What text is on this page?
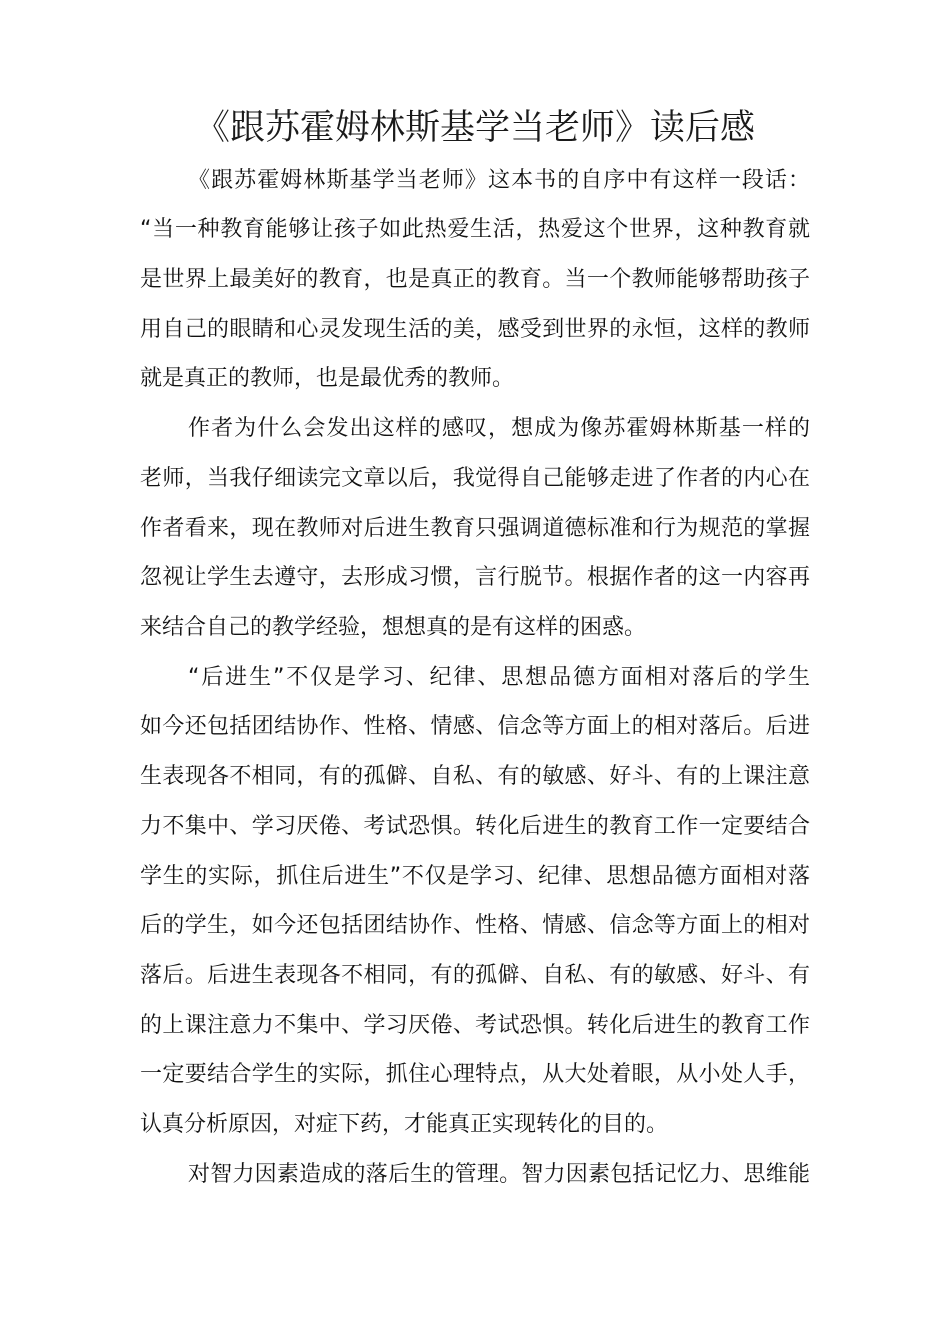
《跟苏霍姆林斯基学当老师》读后感
《跟苏霍姆林斯基学当老师》这本书的自序中有这样一段话：
“当一种教育能够让孩子如此热爱生活，热爱这个世界，这种教育就
是世界上最美好的教育，也是真正的教育。当一个教师能够帮助孩子
用自己的眼睛和心灵发现生活的美，感受到世界的永恒，这样的教师
就是真正的教师，也是最优秀的教师。
作者为什么会发出这样的感叹，想成为像苏霍姆林斯基一样的
老师，当我仔细读完文章以后，我觉得自己能够走进了作者的内心在
作者看来，现在教师对后进生教育只强调道德标准和行为规范的掌握
忽视让学生去遵守，去形成习惯，言行脱节。根据作者的这一内容再
来结合自己的教学经验，想想真的是有这样的困惑。
“后进生”不仅是学习、纪律、思想品德方面相对落后的学生
如今还包括团结协作、性格、情感、信念等方面上的相对落后。后进
生表现各不相同，有的孤僻、自私、有的敏感、好斗、有的上课注意
力不集中、学习厌倦、考试恐惧。转化后进生的教育工作一定要结合
学生的实际，抓住后进生”不仅是学习、纪律、思想品德方面相对落
后的学生，如今还包括团结协作、性格、情感、信念等方面上的相对
落后。后进生表现各不相同，有的孤僻、自私、有的敏感、好斗、有
的上课注意力不集中、学习厌倦、考试恐惧。转化后进生的教育工作
一定要结合学生的实际，抓住心理特点，从大处着眼，从小处人手，
认真分析原因，对症下药，才能真正实现转化的目的。
对智力因素造成的落后生的管理。智力因素包括记忆力、思维能
